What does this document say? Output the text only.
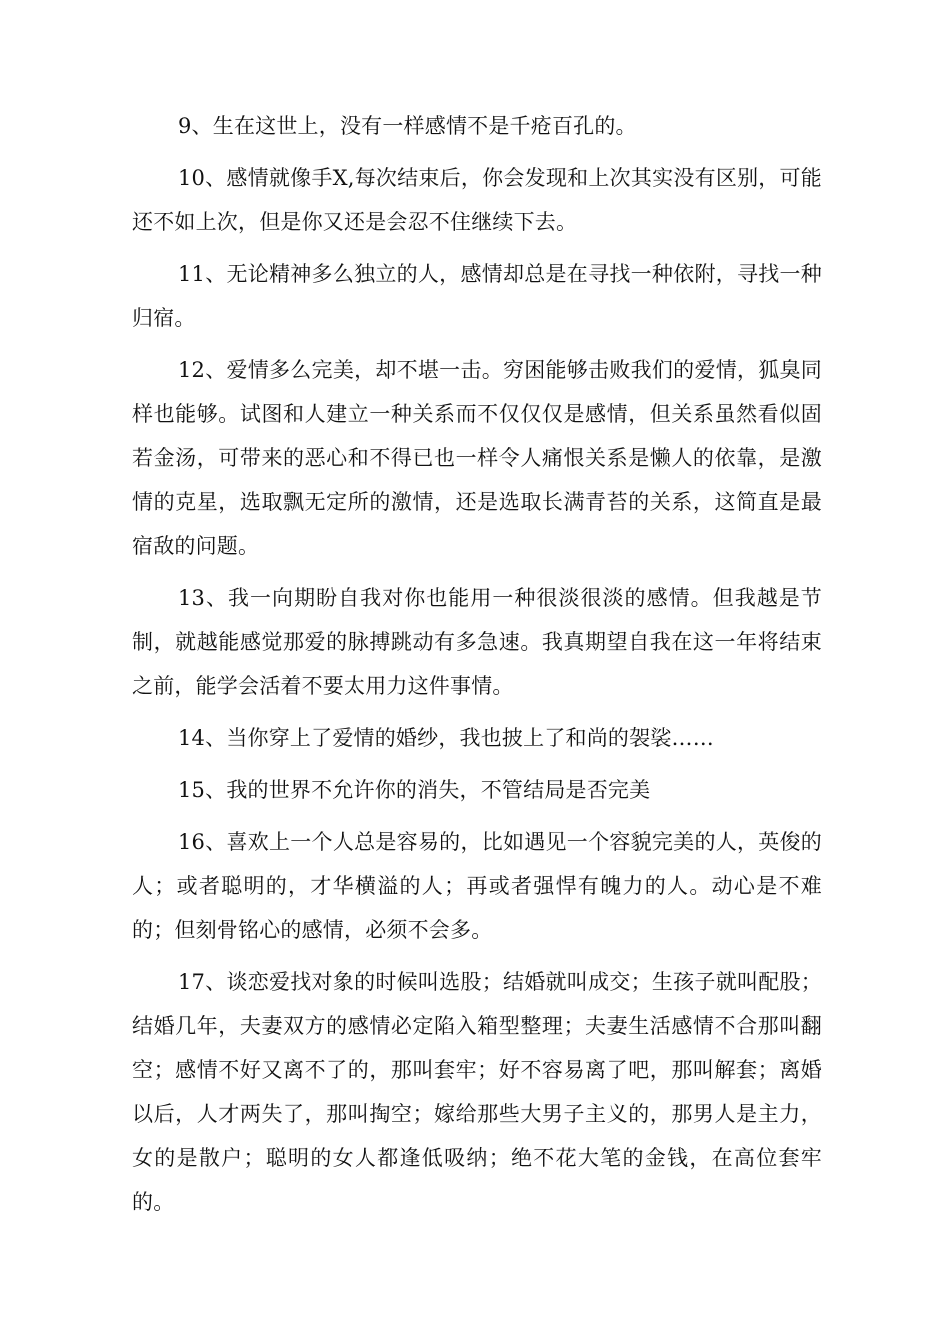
9、生在这世上，没有一样感情不是千疮百孔的。

10、感情就像手X,每次结束后，你会发现和上次其实没有区别，可能还不如上次，但是你又还是会忍不住继续下去。

11、无论精神多么独立的人，感情却总是在寻找一种依附，寻找一种归宿。

12、爱情多么完美，却不堪一击。穷困能够击败我们的爱情，狐臭同样也能够。试图和人建立一种关系而不仅仅仅是感情，但关系虽然看似固若金汤，可带来的恶心和不得已也一样令人痛恨关系是懒人的依靠，是激情的克星，选取飘无定所的激情，还是选取长满青苔的关系，这简直是最宿敌的问题。

13、我一向期盼自我对你也能用一种很淡很淡的感情。但我越是节制，就越能感觉那爱的脉搏跳动有多急速。我真期望自我在这一年将结束之前，能学会活着不要太用力这件事情。

14、当你穿上了爱情的婚纱，我也披上了和尚的袈裟……

15、我的世界不允许你的消失，不管结局是否完美

16、喜欢上一个人总是容易的，比如遇见一个容貌完美的人，英俊的人；或者聪明的，才华横溢的人；再或者强悍有魄力的人。动心是不难的；但刻骨铭心的感情，必须不会多。

17、谈恋爱找对象的时候叫选股；结婚就叫成交；生孩子就叫配股；结婚几年，夫妻双方的感情必定陷入箱型整理；夫妻生活感情不合那叫翻空；感情不好又离不了的，那叫套牢；好不容易离了吧，那叫解套；离婚以后，人才两失了，那叫掏空；嫁给那些大男子主义的，那男人是主力，女的是散户；聪明的女人都逢低吸纳；绝不花大笔的金钱，在高位套牢的。
